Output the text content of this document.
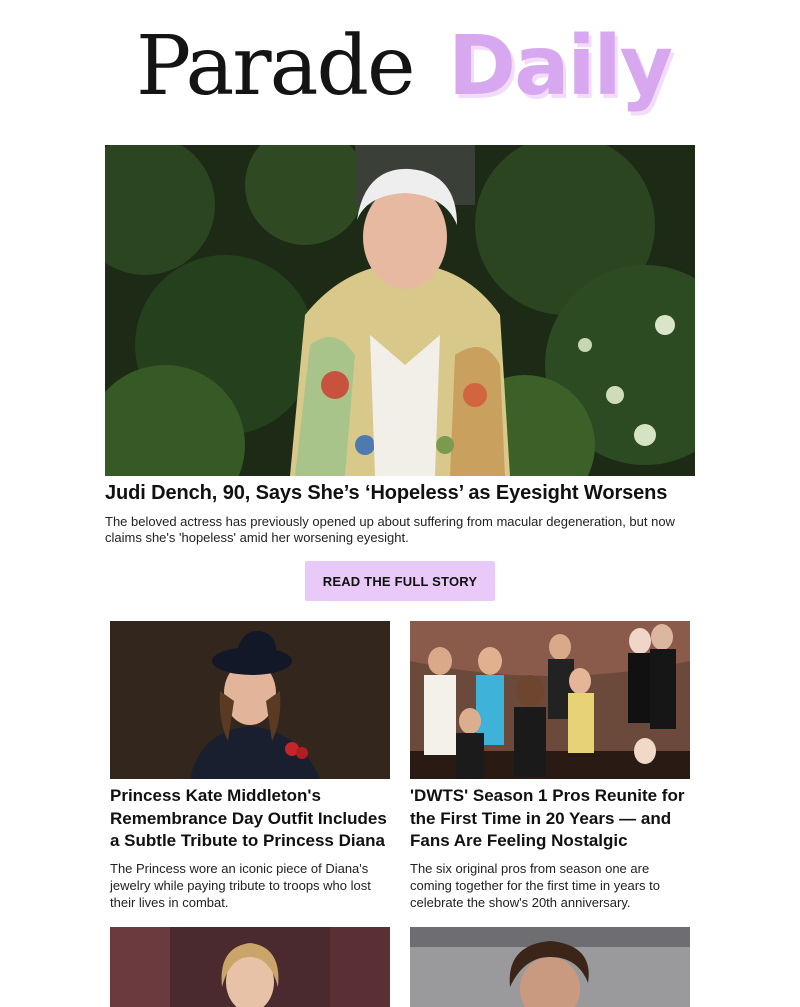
Parade Daily
Judi Dench, 90, Says She’s ‘Hopeless’ as Eyesight Worsens

The beloved actress has previously opened up about suffering from macular degeneration, but now claims she's 'hopeless' amid her worsening eyesight.

READ THE FULL STORY
Princess Kate Middleton's Remembrance Day Outfit Includes a Subtle Tribute to Princess Diana

The Princess wore an iconic piece of Diana's jewelry while paying tribute to troops who lost their lives in combat.

'DWTS' Season 1 Pros Reunite for the First Time in 20 Years — and Fans Are Feeling Nostalgic

The six original pros from season one are coming together for the first time in years to celebrate the show's 20th anniversary.
